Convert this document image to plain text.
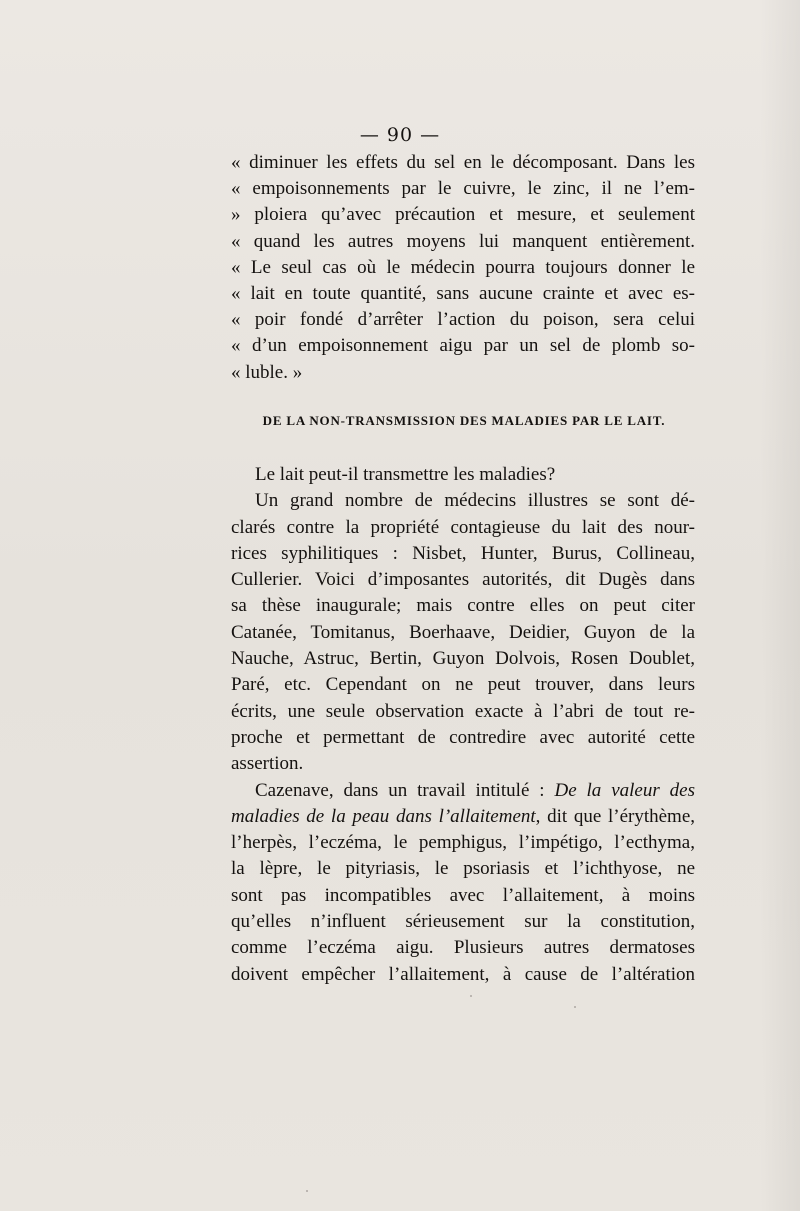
— 90 —
« diminuer les effets du sel en le décomposant. Dans les
« empoisonnements par le cuivre, le zinc, il ne l’em-
» ploiera qu’avec précaution et mesure, et seulement
« quand les autres moyens lui manquent entièrement.
« Le seul cas où le médecin pourra toujours donner le
« lait en toute quantité, sans aucune crainte et avec es-
« poir fondé d’arrêter l’action du poison, sera celui
« d’un empoisonnement aigu par un sel de plomb so-
« luble. »
DE LA NON-TRANSMISSION DES MALADIES PAR LE LAIT.
Le lait peut-il transmettre les maladies?
Un grand nombre de médecins illustres se sont dé-
clarés contre la propriété contagieuse du lait des nour-
rices syphilitiques : Nisbet, Hunter, Burus, Collineau,
Cullerier. Voici d’imposantes autorités, dit Dugès dans
sa thèse inaugurale; mais contre elles on peut citer
Catanée, Tomitanus, Boerhaave, Deidier, Guyon de la
Nauche, Astruc, Bertin, Guyon Dolvois, Rosen Doublet,
Paré, etc. Cependant on ne peut trouver, dans leurs
écrits, une seule observation exacte à l’abri de tout re-
proche et permettant de contredire avec autorité cette
assertion.
Cazenave, dans un travail intitulé : De la valeur des
maladies de la peau dans l’allaitement, dit que l’érythème,
l’herpès, l’eczéma, le pemphigus, l’impétigo, l’ecthyma,
la lèpre, le pityriasis, le psoriasis et l’ichthyose, ne
sont pas incompatibles avec l’allaitement, à moins
qu’elles n’influent sérieusement sur la constitution,
comme l’eczéma aigu. Plusieurs autres dermatoses
doivent empêcher l’allaitement, à cause de l’altération
